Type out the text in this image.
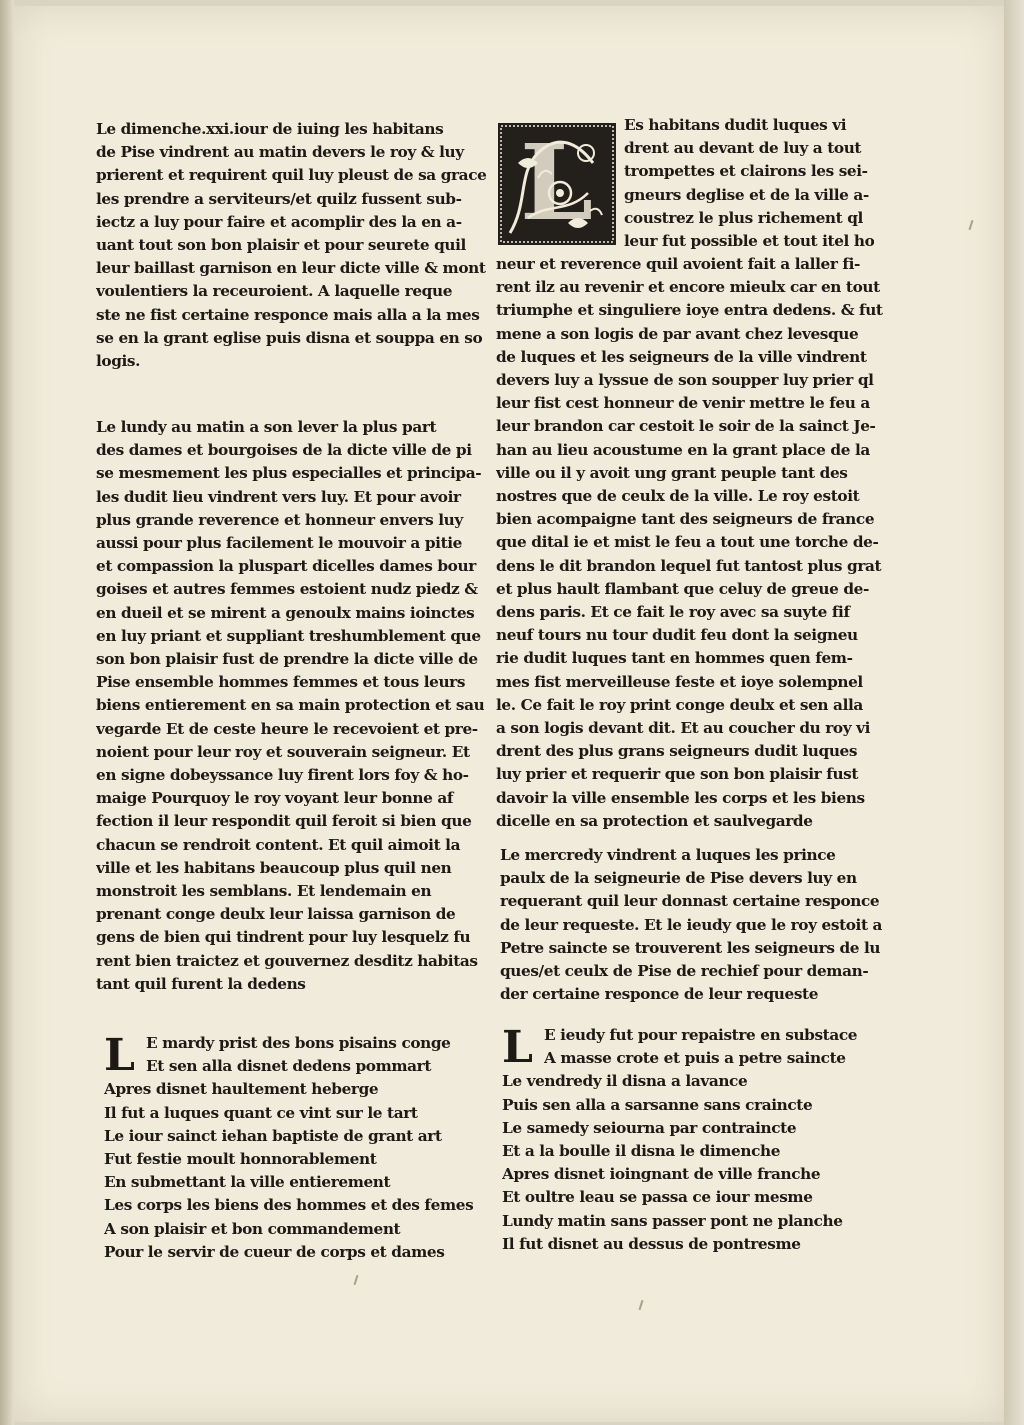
Le dimenche.xxi.iour de iuing les habitans
de Pise vindrent au matin devers le roy & luy
prierent et requirent quil luy pleust de sa grace
les prendre a serviteurs/et quilz fussent sub-
iectz a luy pour faire et acomplir des la en a-
uant tout son bon plaisir et pour seurete quil
leur baillast garnison en leur dicte ville & mont
voulentiers la receuroient. A laquelle reque
ste ne fist certaine responce mais alla a la mes
se en la grant eglise puis disna et souppa en so
logis.
Le lundy au matin a son lever la plus part
des dames et bourgoises de la dicte ville de pi
se mesmement les plus especialles et principa-
les dudit lieu vindrent vers luy. Et pour avoir
plus grande reverence et honneur envers luy
aussi pour plus facilement le mouvoir a pitie
et compassion la pluspart dicelles dames bour
goises et autres femmes estoient nudz piedz &
en dueil et se mirent a genoulx mains ioinctes
en luy priant et suppliant treshumblement que
son bon plaisir fust de prendre la dicte ville de
Pise ensemble hommes femmes et tous leurs
biens entierement en sa main protection et sau
vegarde Et de ceste heure le recevoient et pre-
noient pour leur roy et souverain seigneur. Et
en signe dobeyssance luy firent lors foy & ho-
maige Pourquoy le roy voyant leur bonne af
fection il leur respondit quil feroit si bien que
chacun se rendroit content. Et quil aimoit la
ville et les habitans beaucoup plus quil nen
monstroit les semblans. Et lendemain en
prenant conge deulx leur laissa garnison de
gens de bien qui tindrent pour luy lesquelz fu
rent bien traictez et gouvernez desditz habitas
tant quil furent la dedens
L E mardy prist des bons pisains conge
Et sen alla disnet dedens pommart
Apres disnet haultement heberge
Il fut a luques quant ce vint sur le tart
Le iour sainct iehan baptiste de grant art
Fut festie moult honnorablement
En submettant la ville entierement
Les corps les biens des hommes et des femes
A son plaisir et bon commandement
Pour le servir de cueur de corps et dames
L Es habitans dudit luques vi
drent au devant de luy a tout
trompettes et clairons les sei-
gneurs deglise et de la ville a-
coustrez le plus richement ql
leur fut possible et tout itel ho
neur et reverence quil avoient fait a laller fi-
rent ilz au revenir et encore mieulx car en tout
triumphe et singuliere ioye entra dedens. & fut
mene a son logis de par avant chez levesque
de luques et les seigneurs de la ville vindrent
devers luy a lyssue de son soupper luy prier ql
leur fist cest honneur de venir mettre le feu a
leur brandon car cestoit le soir de la sainct Je-
han au lieu acoustume en la grant place de la
ville ou il y avoit ung grant peuple tant des
nostres que de ceulx de la ville. Le roy estoit
bien acompaigne tant des seigneurs de france
que dital ie et mist le feu a tout une torche de-
dens le dit brandon lequel fut tantost plus grat
et plus hault flambant que celuy de greue de-
dens paris. Et ce fait le roy avec sa suyte fif
neuf tours nu tour dudit feu dont la seigneu
rie dudit luques tant en hommes quen fem-
mes fist merveilleuse feste et ioye solempnel
le. Ce fait le roy print conge deulx et sen alla
a son logis devant dit. Et au coucher du roy vi
drent des plus grans seigneurs dudit luques
luy prier et requerir que son bon plaisir fust
davoir la ville ensemble les corps et les biens
dicelle en sa protection et saulvegarde
Le mercredy vindrent a luques les prince
paulx de la seigneurie de Pise devers luy en
requerant quil leur donnast certaine responce
de leur requeste. Et le ieudy que le roy estoit a
Petre saincte se trouverent les seigneurs de lu
ques/et ceulx de Pise de rechief pour deman-
der certaine responce de leur requeste
L E ieudy fut pour repaistre en substace
A masse crote et puis a petre saincte
Le vendredy il disna a lavance
Puis sen alla a sarsanne sans craincte
Le samedy seiourna par contraincte
Et a la boulle il disna le dimenche
Apres disnet ioingnant de ville franche
Et oultre leau se passa ce iour mesme
Lundy matin sans passer pont ne planche
Il fut disnet au dessus de pontresme
